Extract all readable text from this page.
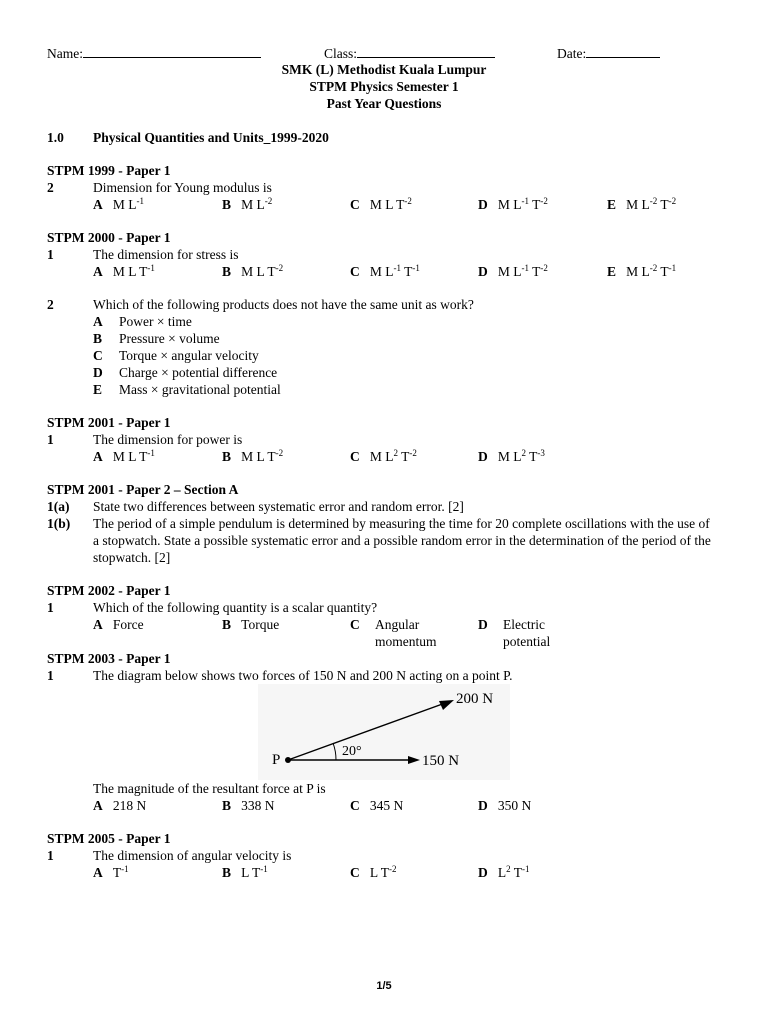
Name:	Class:	Date:
SMK (L) Methodist Kuala Lumpur
STPM Physics Semester 1
Past Year Questions
1.0 Physical Quantities and Units_1999-2020
STPM 1999 - Paper 1
2	Dimension for Young modulus is
A M $L^{-1}$	B M $L^{-2}$	C M L $T^{-2}$	D M $L^{-1}$ $T^{-2}$	E M $L^{-2}$ $T^{-2}$
STPM 2000 - Paper 1
1	The dimension for stress is
A M L $T^{-1}$	B M L $T^{-2}$	C M $L^{-1}$ $T^{-1}$	D M $L^{-1}$ $T^{-2}$	E M $L^{-2}$ $T^{-1}$
2	Which of the following products does not have the same unit as work?
A Power × time
B Pressure × volume
C Torque × angular velocity
D Charge × potential difference
E Mass × gravitational potential
STPM 2001 - Paper 1
1	The dimension for power is
A M L $T^{-1}$	B M L $T^{-2}$	C M $L^2$ $T^{-2}$	D M $L^2$ $T^{-3}$
STPM 2001 - Paper 2 – Section A
1(a) State two differences between systematic error and random error. [2]
1(b) The period of a simple pendulum is determined by measuring the time for 20 complete oscillations with the use of a stopwatch. State a possible systematic error and a possible random error in the determination of the period of the stopwatch. [2]
STPM 2002 - Paper 1
1	Which of the following quantity is a scalar quantity?
A Force	B Torque	C Angular
momentum
D Electric
potential
STPM 2003 - Paper 1
1	The diagram below shows two forces of 150 N and 200 N acting on a point P.
P
20°
200 N
150 N
The magnitude of the resultant force at P is
A 218 N	B 338 N	C 345 N	D 350 N
STPM 2005 - Paper 1
1	The dimension of angular velocity is
A $T^{-1}$	B L $T^{-1}$	C L $T^{-2}$	D $L^2$ $T^{-1}$
1/5
